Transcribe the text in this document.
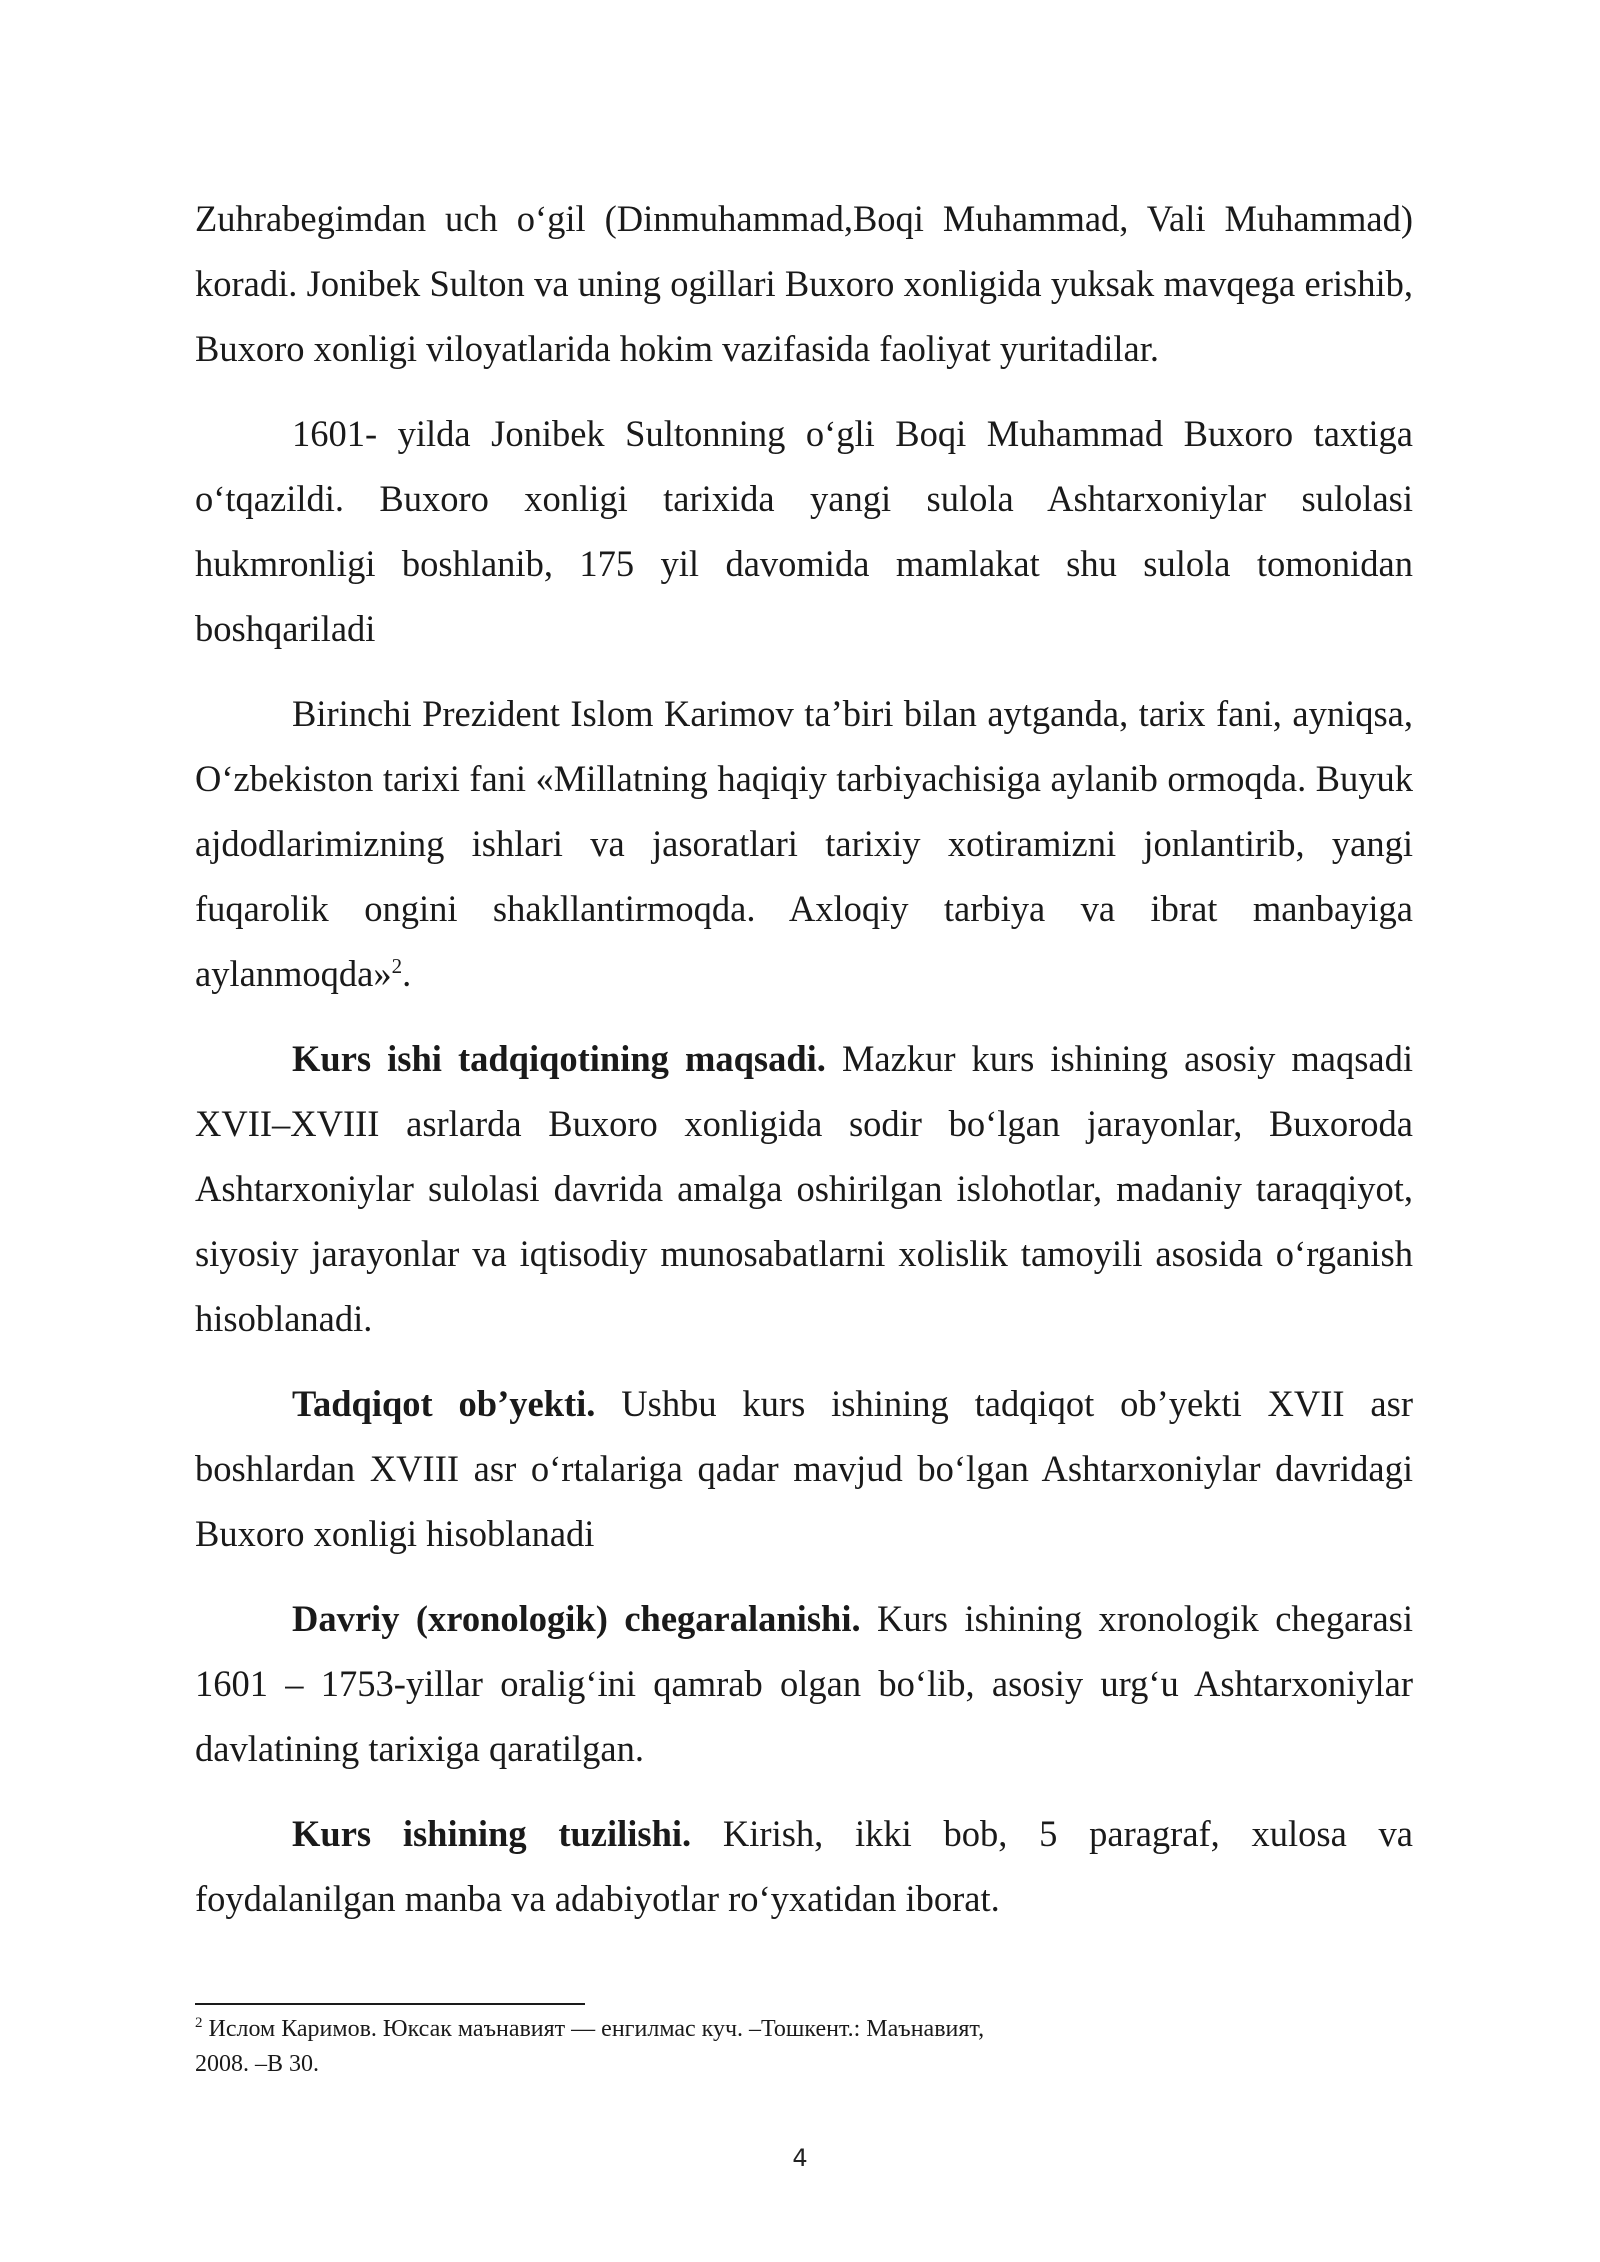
Zuhrabegimdan uch o‘gil (Dinmuhammad,Boqi Muhammad, Vali Muhammad) koradi. Jonibek Sulton va uning ogillari Buxoro xonligida yuksak mavqega erishib, Buxoro xonligi viloyatlarida hokim vazifasida faoliyat yuritadilar.

1601- yilda Jonibek Sultonning o‘gli Boqi Muhammad Buxoro taxtiga o‘tqazildi. Buxoro xonligi tarixida yangi sulola Ashtarxoniylar sulolasi hukmronligi boshlanib, 175 yil davomida mamlakat shu sulola tomonidan boshqariladi

Birinchi Prezident Islom Karimov ta’biri bilan aytganda, tarix fani, ayniqsa, O‘zbekiston tarixi fani «Millatning haqiqiy tarbiyachisiga aylanib ormoqda. Buyuk ajdodlarimizning ishlari va jasoratlari tarixiy xotiramizni jonlantirib, yangi fuqarolik ongini shakllantirmoqda. Axloqiy tarbiya va ibrat manbayiga aylanmoqda»$^2$.

Kurs ishi tadqiqotining maqsadi. Mazkur kurs ishining asosiy maqsadi XVII–XVIII asrlarda Buxoro xonligida sodir bo‘lgan jarayonlar, Buxoroda Ashtarxoniylar sulolasi davrida amalga oshirilgan islohotlar, madaniy taraqqiyot, siyosiy jarayonlar va iqtisodiy munosabatlarni xolislik tamoyili asosida o‘rganish hisoblanadi.

Tadqiqot ob’yekti. Ushbu kurs ishining tadqiqot ob’yekti XVII asr boshlardan XVIII asr o‘rtalariga qadar mavjud bo‘lgan Ashtarxoniylar davridagi Buxoro xonligi hisoblanadi

Davriy (xronologik) chegaralanishi. Kurs ishining xronologik chegarasi 1601 – 1753-yillar oralig‘ini qamrab olgan bo‘lib, asosiy urg‘u Ashtarxoniylar davlatining tarixiga qaratilgan.

Kurs ishining tuzilishi. Kirish, ikki bob, 5 paragraf, xulosa va foydalanilgan manba va adabiyotlar ro‘yxatidan iborat.

$^2$ Ислом Каримов. Юксак маънавият — енгилмас куч. –Тошкент.: Маънавият,
2008. –B 30.
4
